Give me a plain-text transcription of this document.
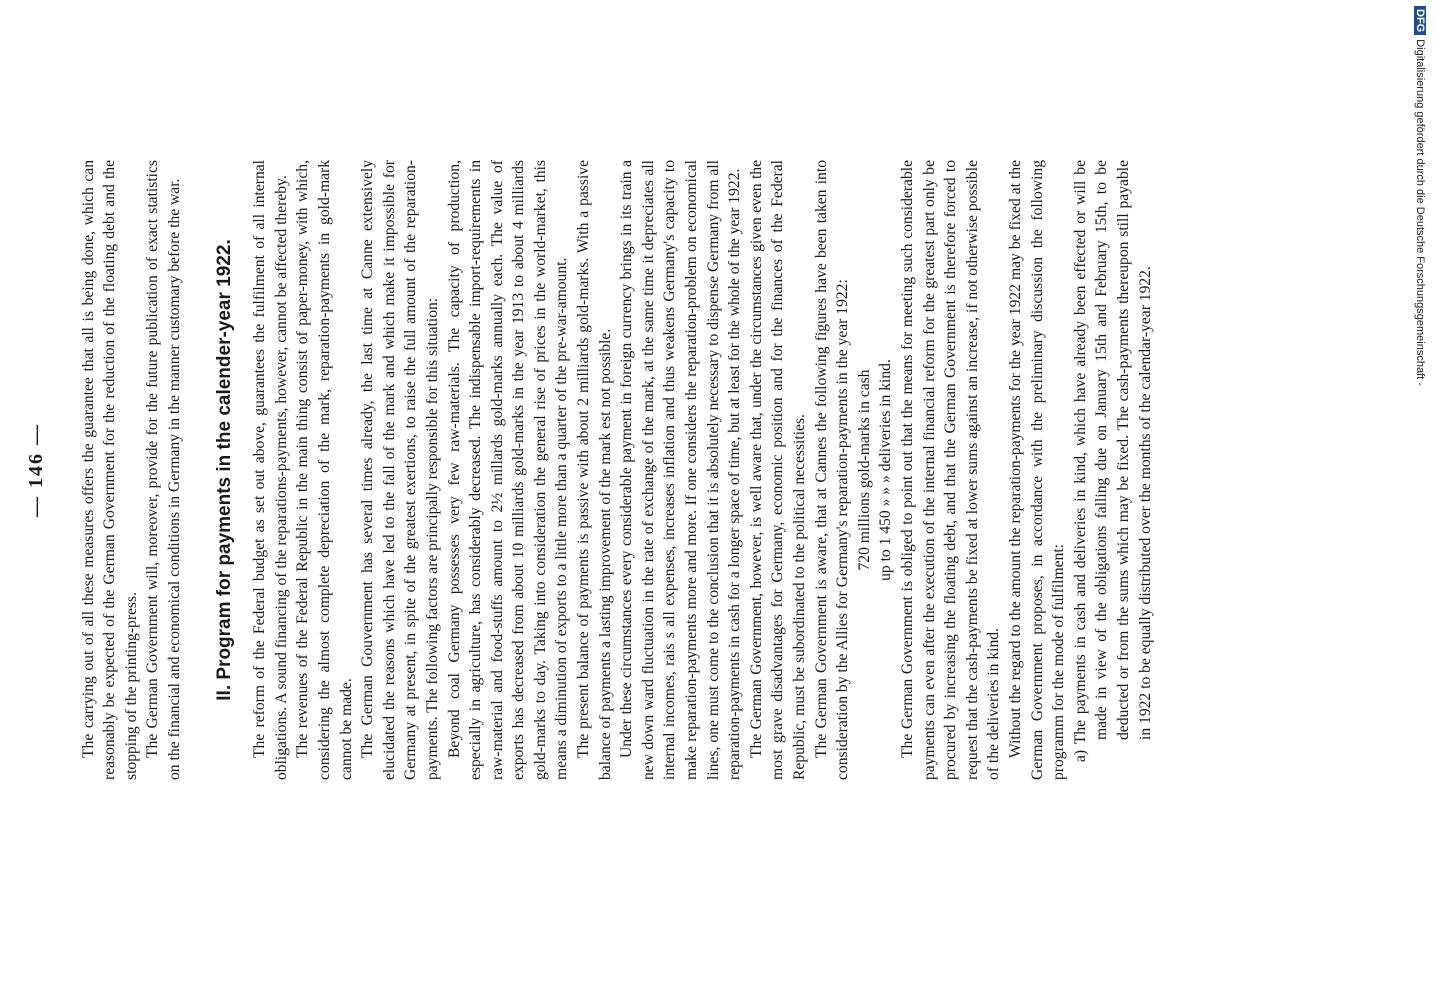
— 146 — The carrying out of all these measures offers the guarantee that all is being done, which can reasonably be expected of the German Government for the reduction of the floating debt and the stopping of the printing-press. The German Government will, moreover, provide for the future publication of exact statistics on the financial and economical conditions in Germany in the manner customary before the war. II. Program for payments in the calender-year 1922. The reform of the Federal budget as set out above, guarantees the fulfilment of all internal obligations. A sound financing of the reparations-payments, however, cannot be affected thereby. The revenues of the Federal Republic in the main thing consist of paper-money, with which, considering the almost complete depreciation of the mark, reparation-payments in gold-mark cannot be made. The German Gouvernment has several times already, the last time at Canne extensively elucidated the reasons which have led to the fall of the mark and which make it impossible for Germany at present, in spite of the greatest exertions, to raise the full amount of the reparation-payments. The following factors are principally responsible for this situation: Beyond coal Germany possesses very few raw-materials. The capacity of production, especially in agriculture, has considerably decreased. The indispensable import-requirements in raw-material and food-stuffs amount to 2½ millards gold-marks annually each. The value of exports has decreased from about 10 milliards gold-marks in the year 1913 to about 4 milliards gold-marks to day. Taking into consideration the general rise of prices in the world-market, this means a diminution of exports to a little more than a quarter of the pre-war-amount. The present balance of payments is passive with about 2 milliards gold-marks. With a passive balance of payments a lasting improvement of the mark est not possible. Under these circumstances every considerable payment in foreign currency brings in its train a new down ward fluctuation in the rate of exchange of the mark, at the same time it depreciates all internal incomes, rais s all expenses, increases inflation and thus weakens Germany's capacity to make reparation-payments more and more. If one considers the reparation-problem on economical lines, one must come to the conclusion that it is absolutely necessary to dispense Germany from all reparation-payments in cash for a longer space of time, but at least for the whole of the year 1922. The German Government, however, is well aware that, under the circumstances given even the most grave disadvantages for Germany, economic position and for the finances of the Federal Republic, must be subordinated to the political necessities. The German Government is aware, that at Cannes the following figures have been taken into consideration by the Allies for Germany's reparation-payments in the year 1922: 720 millions gold-marks in cash up to 1 450 » » » deliveries in kind. The German Government is obliged to point out that the means for meeting such considerable payments can even after the execution of the internal financial reform for the greatest part only be procured by increasing the floating debt, and that the German Government is therefore forced to request that the cash-payments be fixed at lower sums against an increase, if not otherwise possible of the deliveries in kind. Without the regard to the amount the reparation-payments for the year 1922 may be fixed at the German Government proposes, in accordance with the preliminary discussion the following programm for the mode of fulfilment: a) The payments in cash and deliveries in kind, which have already been effected or will be made in view of the obligations falling due on January 15th and February 15th, to be deducted or from the sums which may be fixed. The cash-payments thereupon still payable in 1922 to be equally distributed over the months of the calendar-year 1922.

DFGDigitalisierung gefördert durch die Deutsche Forschungsgemeinschaft -
